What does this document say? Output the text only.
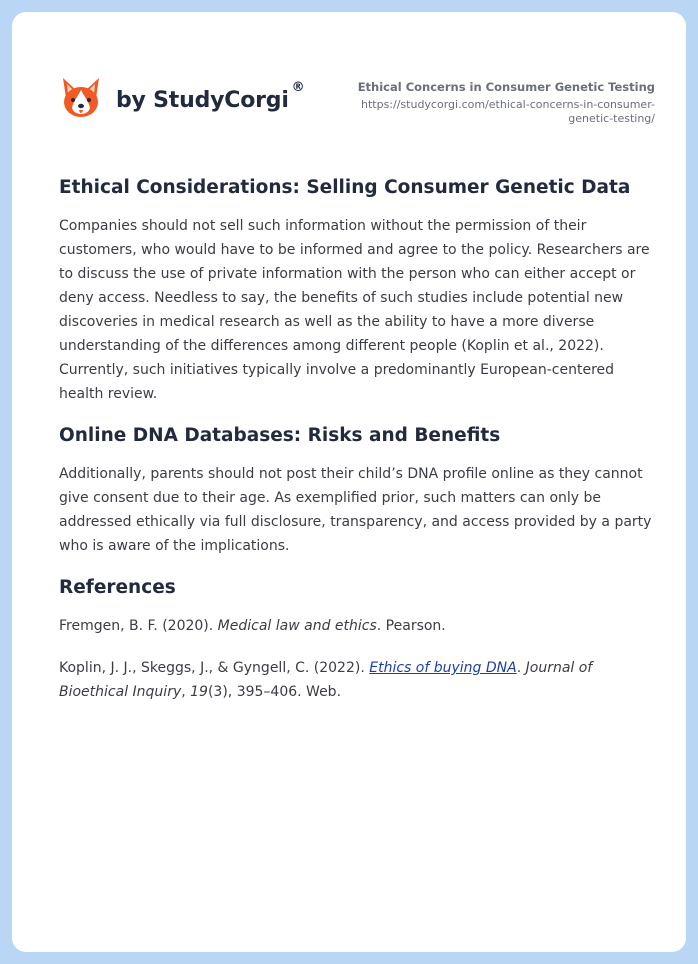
by StudyCorgi®	Ethical Concerns in Consumer Genetic Testing
https://studycorgi.com/ethical-concerns-in-consumer-
genetic-testing/
Ethical Considerations: Selling Consumer Genetic Data

Companies should not sell such information without the permission of their customers, who would have to be informed and agree to the policy. Researchers are to discuss the use of private information with the person who can either accept or deny access. Needless to say, the benefits of such studies include potential new discoveries in medical research as well as the ability to have a more diverse understanding of the differences among different people (Koplin et al., 2022). Currently, such initiatives typically involve a predominantly European-centered health review.

Online DNA Databases: Risks and Benefits

Additionally, parents should not post their child’s DNA profile online as they cannot give consent due to their age. As exemplified prior, such matters can only be addressed ethically via full disclosure, transparency, and access provided by a party who is aware of the implications.

References
Fremgen, B. F. (2020). Medical law and ethics. Pearson.
Koplin, J. J., Skeggs, J., & Gyngell, C. (2022). Ethics of buying DNA. Journal of Bioethical Inquiry, 19(3), 395–406. Web.
